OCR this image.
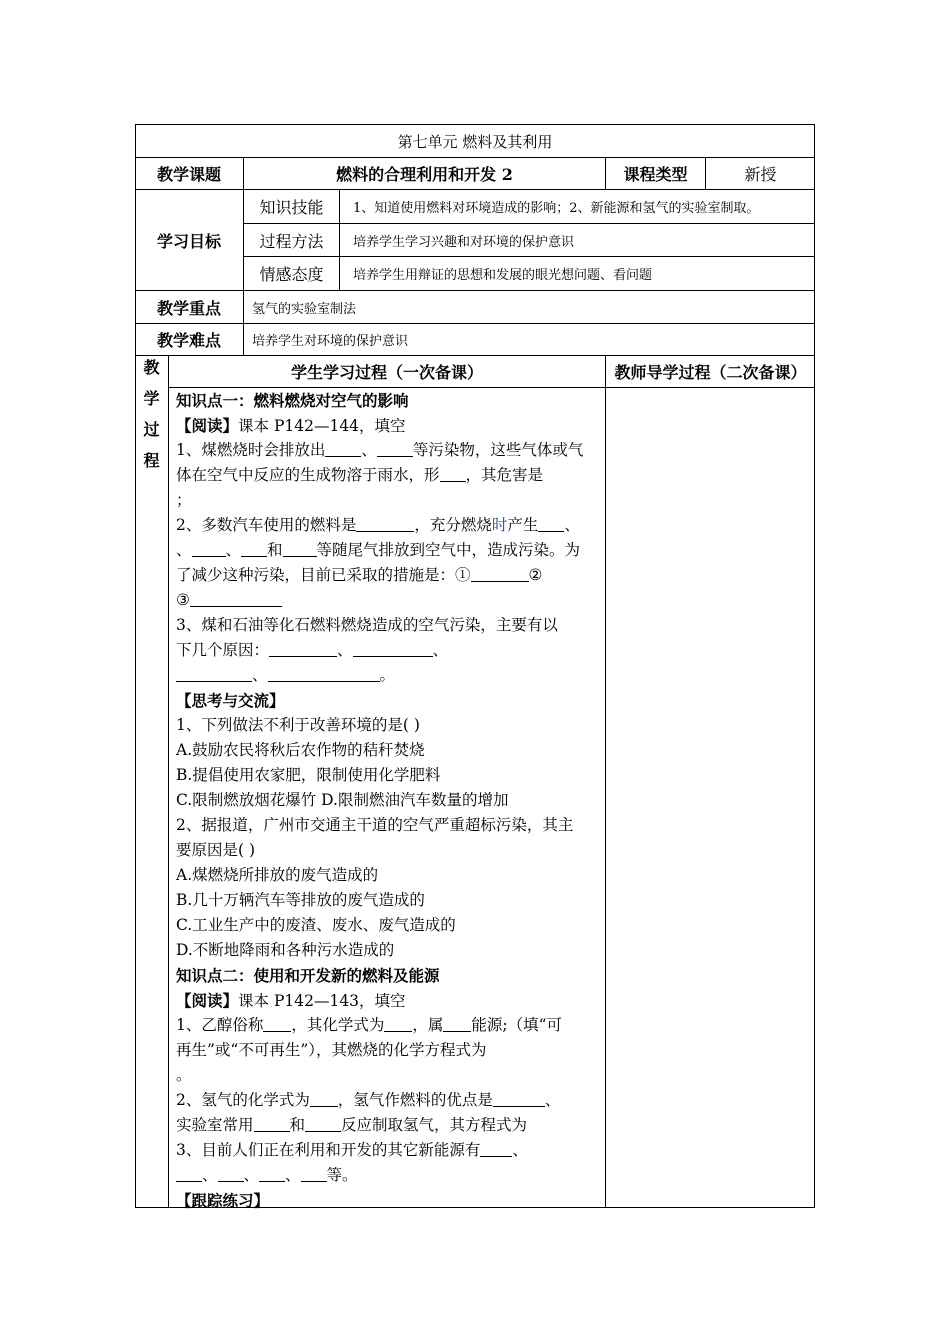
第七单元 燃料及其利用
教学课题	燃料的合理利用和开发 2	课程类型	新授
学习目标
知识技能	1、知道使用燃料对环境造成的影响；2、新能源和氢气的实验室制取。
过程方法	培养学生学习兴趣和对环境的保护意识
情感态度	培养学生用辩证的思想和发展的眼光想问题、看问题
教学重点	氢气的实验室制法
教学难点	培养学生对环境的保护意识
教
学
过
程
学生学习过程（一次备课）	教师导学过程（二次备课）
知识点一：燃料燃烧对空气的影响
【阅读】课本 P142—144，填空
1、煤燃烧时会排放出 、 等污染物，这些气体或气
体在空气中反应的生成物溶于雨水，形 ，其危害是
；
2、多数汽车使用的燃料是	，充分燃烧时产生 、
、 、 和 等随尾气排放到空气中，造成污染。为
了减少这种污染，目前已采取的措施是：①	②
③
3、煤和石油等化石燃料燃烧造成的空气污染，主要有以
下几个原因：	、	、
、	。
【思考与交流】
1、下列做法不利于改善环境的是( )
A.鼓励农民将秋后农作物的秸秆焚烧
B.提倡使用农家肥，限制使用化学肥料
C.限制燃放烟花爆竹 D.限制燃油汽车数量的增加
2、据报道，广州市交通主干道的空气严重超标污染，其主
要原因是( )
A.煤燃烧所排放的废气造成的
B.几十万辆汽车等排放的废气造成的
C.工业生产中的废渣、废水、废气造成的
D.不断地降雨和各种污水造成的
知识点二：使用和开发新的燃料及能源
【阅读】课本 P142—143，填空
1、乙醇俗称 ，其化学式为 ，属 能源;（填“可
再生”或“不可再生”），其燃烧的化学方程式为
。
2、氢气的化学式为 ，氢气作燃料的优点是	、
实验室常用 和 反应制取氢气，其方程式为
3、目前人们正在利用和开发的其它新能源有 、
、 、 、 等。
【跟踪练习】
